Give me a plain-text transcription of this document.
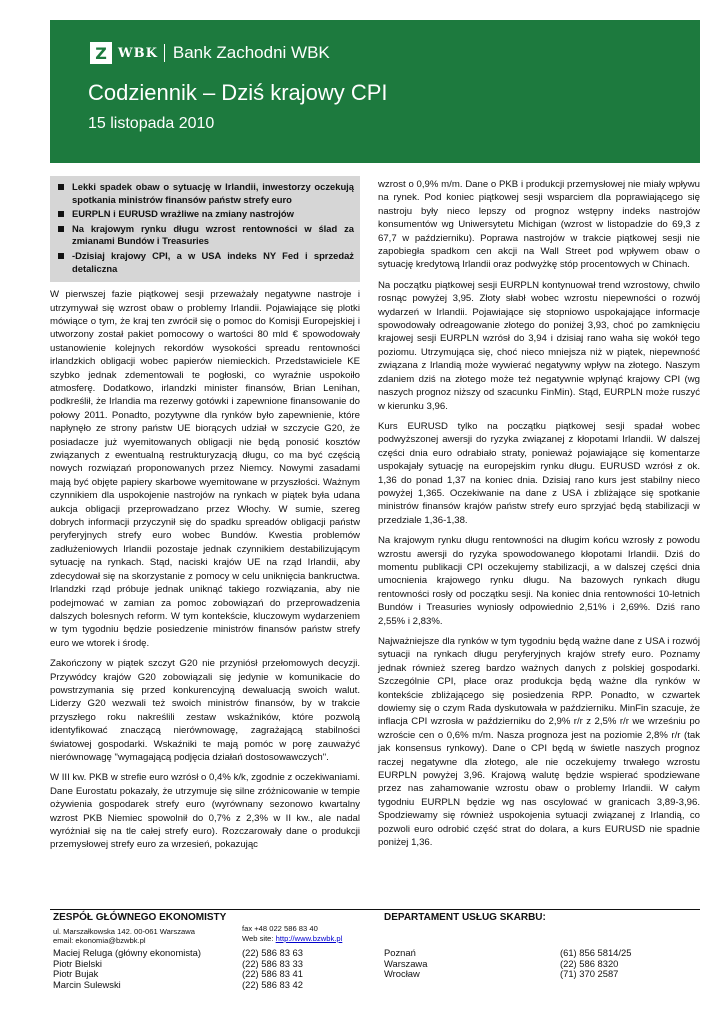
Z WBK Bank Zachodni WBK
Codziennik – Dziś krajowy CPI
15 listopada 2010
Lekki spadek obaw o sytuację w Irlandii, inwestorzy oczekują spotkania ministrów finansów państw strefy euro
EURPLN i EURUSD wrażliwe na zmiany nastrojów
Na krajowym rynku długu wzrost rentowności w ślad za zmianami Bundów i Treasuries
-Dzisiaj krajowy CPI, a w USA indeks NY Fed i sprzedaż detaliczna

W pierwszej fazie piątkowej sesji przeważały negatywne nastroje i utrzymywał się wzrost obaw o problemy Irlandii. Pojawiające się plotki mówiące o tym, że kraj ten zwrócił się o pomoc do Komisji Europejskiej i utworzony został pakiet pomocowy o wartości 80 mld € spowodowały ustanowienie kolejnych rekordów wysokości spreadu rentowności irlandzkich obligacji wobec papierów niemieckich. Przedstawiciele KE szybko jednak zdementowali te pogłoski, co wyraźnie uspokoiło atmosferę. Dodatkowo, irlandzki minister finansów, Brian Lenihan, podkreślił, że Irlandia ma rezerwy gotówki i zapewnione finansowanie do połowy 2011. Ponadto, pozytywne dla rynków było zapewnienie, które napłynęło ze strony państw UE biorących udział w szczycie G20, że posiadacze już wyemitowanych obligacji nie będą ponosić kosztów związanych z ewentualną restrukturyzacją długu, co ma być częścią nowych rozwiązań proponowanych przez Niemcy. Nowymi zasadami mają być objęte papiery skarbowe wyemitowane w przyszłości. Ważnym czynnikiem dla uspokojenie nastrojów na rynkach w piątek była udana aukcja obligacji przeprowadzano przez Włochy. W sumie, szereg dobrych informacji przyczynił się do spadku spreadów obligacji państw peryferyjnych strefy euro wobec Bundów. Kwestia problemów zadłużeniowych Irlandii pozostaje jednak czynnikiem destabilizującym sytuację na rynkach. Stąd, naciski krajów UE na rząd Irlandii, aby zdecydował się na skorzystanie z pomocy w celu uniknięcia bankructwa. Irlandzki rząd próbuje jednak uniknąć takiego rozwiązania, aby nie podejmować w zamian za pomoc zobowiązań do przeprowadzenia dalszych bolesnych reform. W tym kontekście, kluczowym wydarzeniem w tym tygodniu będzie posiedzenie ministrów finansów państw strefy euro we wtorek i środę.

Zakończony w piątek szczyt G20 nie przyniósł przełomowych decyzji. Przywódcy krajów G20 zobowiązali się jedynie w komunikacie do powstrzymania się przed konkurencyjną dewaluacją swoich walut. Liderzy G20 wezwali też swoich ministrów finansów, by w trakcie przyszłego roku nakreślili zestaw wskaźników, które pozwolą identyfikować znaczącą nierównowagę, zagrażającą stabilności światowej gospodarki. Wskaźniki te mają pomóc w porę zauważyć nierównowagę "wymagającą podjęcia działań dostosowawczych".

W III kw. PKB w strefie euro wzrósł o 0,4% k/k, zgodnie z oczekiwaniami. Dane Eurostatu pokazały, że utrzymuje się silne zróżnicowanie w tempie ożywienia gospodarek strefy euro (wyrównany sezonowo kwartalny wzrost PKB Niemiec spowolnił do 0,7% z 2,3% w II kw., ale nadal wyróżniał się na tle całej strefy euro). Rozczarowały dane o produkcji przemysłowej strefy euro za wrzesień, pokazując

wzrost o 0,9% m/m. Dane o PKB i produkcji przemysłowej nie miały wpływu na rynek. Pod koniec piątkowej sesji wsparciem dla poprawiającego się nastroju były nieco lepszy od prognoz wstępny indeks nastrojów konsumentów wg Uniwersytetu Michigan (wzrost w listopadzie do 69,3 z 67,7 w październiku). Poprawa nastrojów w trakcie piątkowej sesji nie zapobiegła spadkom cen akcji na Wall Street pod wpływem obaw o sytuację kredytową Irlandii oraz podwyżkę stóp procentowych w Chinach.

Na początku piątkowej sesji EURPLN kontynuował trend wzrostowy, chwilo rosnąc powyżej 3,95. Złoty słabł wobec wzrostu niepewności o rozwój wydarzeń w Irlandii. Pojawiające się stopniowo uspokajające informacje spowodowały odreagowanie złotego do poniżej 3,93, choć po zamknięciu krajowej sesji EURPLN wzrósł do 3,94 i dzisiaj rano waha się wokół tego poziomu. Utrzymująca się, choć nieco mniejsza niż w piątek, niepewność związana z Irlandią może wywierać negatywny wpływ na złotego. Naszym zdaniem dziś na złotego może też negatywnie wpłynąć krajowy CPI (wg naszych prognoz niższy od szacunku FinMin). Stąd, EURPLN może ruszyć w kierunku 3,96.

Kurs EURUSD tylko na początku piątkowej sesji spadał wobec podwyższonej awersji do ryzyka związanej z kłopotami Irlandii. W dalszej części dnia euro odrabiało straty, ponieważ pojawiające się komentarze uspokajały sytuację na europejskim rynku długu. EURUSD wzrósł z ok. 1,36 do ponad 1,37 na koniec dnia. Dzisiaj rano kurs jest stabilny nieco powyżej 1,365. Oczekiwanie na dane z USA i zbliżające się spotkanie ministrów finansów krajów państw strefy euro sprzyjać będą stabilizacji w przedziale 1,36-1,38.

Na krajowym rynku długu rentowności na długim końcu wzrosły z powodu wzrostu awersji do ryzyka spowodowanego kłopotami Irlandii. Dziś do momentu publikacji CPI oczekujemy stabilizacji, a w dalszej części dnia umocnienia krajowego rynku długu. Na bazowych rynkach długu rentowności rosły od początku sesji. Na koniec dnia rentowności 10-letnich Bundów i Treasuries wyniosły odpowiednio 2,51% i 2,69%. Dziś rano 2,55% i 2,83%.

Najważniejsze dla rynków w tym tygodniu będą ważne dane z USA i rozwój sytuacji na rynkach długu peryferyjnych krajów strefy euro. Poznamy jednak również szereg bardzo ważnych danych z polskiej gospodarki. Szczególnie CPI, płace oraz produkcja będą ważne dla rynków w kontekście zbliżającego się posiedzenia RPP. Ponadto, w czwartek dowiemy się o czym Rada dyskutowała w październiku. MinFin szacuje, że inflacja CPI wzrosła w październiku do 2,9% r/r z 2,5% r/r we wrześniu po wzroście cen o 0,6% m/m. Nasza prognoza jest na poziomie 2,8% r/r (tak jak konsensus rynkowy). Dane o CPI będą w świetle naszych prognoz raczej negatywne dla złotego, ale nie oczekujemy trwałego wzrostu EURPLN powyżej 3,96. Krajową walutę będzie wspierać spodziewane przez nas zahamowanie wzrostu obaw o problemy Irlandii. W całym tygodniu EURPLN będzie wg nas oscylować w granicach 3,89-3,96. Spodziewamy się również uspokojenia sytuacji związanej z Irlandią, co pozwoli euro odrobić część strat do dolara, a kurs EURUSD nie spadnie poniżej 1,36.

ZESPÓŁ GŁÓWNEGO EKONOMISTY
ul. Marszałkowska 142. 00-061 Warszawa
email: ekonomia@bzwbk.pl
fax +48 022 586 83 40
Web site: http://www.bzwbk.pl
Maciej Reluga (główny ekonomista)
Piotr Bielski
Piotr Bujak
Marcin Sulewski
(22) 586 83 63
(22) 586 83 33
(22) 586 83 41
(22) 586 83 42
DEPARTAMENT USŁUG SKARBU:
Poznań
Warszawa
Wrocław
(61) 856 5814/25
(22) 586 8320
(71) 370 2587
